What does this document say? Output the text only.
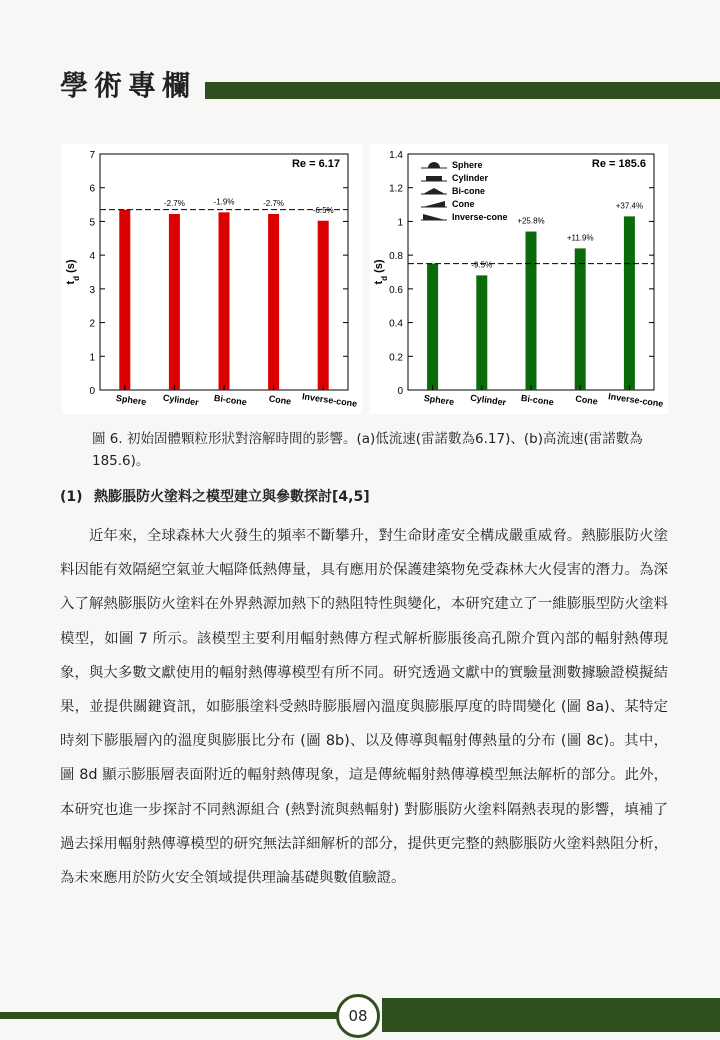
學術專欄
0
1
2
3
4
5
6
7
$t_d$ (s)
Sphere Cylinder
-2.7%
Bi-cone
-1.9%
Cone
-2.7%
Inverse-cone
-6.5%
Re = 6.17
0
0.2
0.4
0.6
0.8
1
1.2
1.4
$t_d$ (s)
Sphere Cylinder
-9.5%
Bi-cone
+25.8%
Cone
+11.9%
Inverse-cone
+37.4%
Re = 185.6
Sphere
Cylinder
Bi-cone
Cone
Inverse-cone
圖 6. 初始固體顆粒形狀對溶解時間的影響。(a)低流速(雷諾數為6.17)、(b)高流速(雷諾數為185.6)。
(1) 熱膨脹防火塗料之模型建立與參數探討[4,5]
近年來，全球森林大火發生的頻率不斷攀升，對生命財產安全構成嚴重威脅。熱膨脹防火塗料因能有效隔絕空氣並大幅降低熱傳量，具有應用於保護建築物免受森林大火侵害的潛力。為深入了解熱膨脹防火塗料在外界熱源加熱下的熱阻特性與變化，本研究建立了一維膨脹型防火塗料模型，如圖 7 所示。該模型主要利用輻射熱傳方程式解析膨脹後高孔隙介質內部的輻射熱傳現象，與大多數文獻使用的輻射熱傳導模型有所不同。研究透過文獻中的實驗量測數據驗證模擬結果，並提供關鍵資訊，如膨脹塗料受熱時膨脹層內溫度與膨脹厚度的時間變化 (圖 8a)、某特定時刻下膨脹層內的溫度與膨脹比分布 (圖 8b)、以及傳導與輻射傳熱量的分布 (圖 8c)。其中，圖 8d 顯示膨脹層表面附近的輻射熱傳現象，這是傳統輻射熱傳導模型無法解析的部分。此外，本研究也進一步探討不同熱源組合 (熱對流與熱輻射) 對膨脹防火塗料隔熱表現的影響，填補了過去採用輻射熱傳導模型的研究無法詳細解析的部分，提供更完整的熱膨脹防火塗料熱阻分析，為未來應用於防火安全領域提供理論基礎與數值驗證。
08
